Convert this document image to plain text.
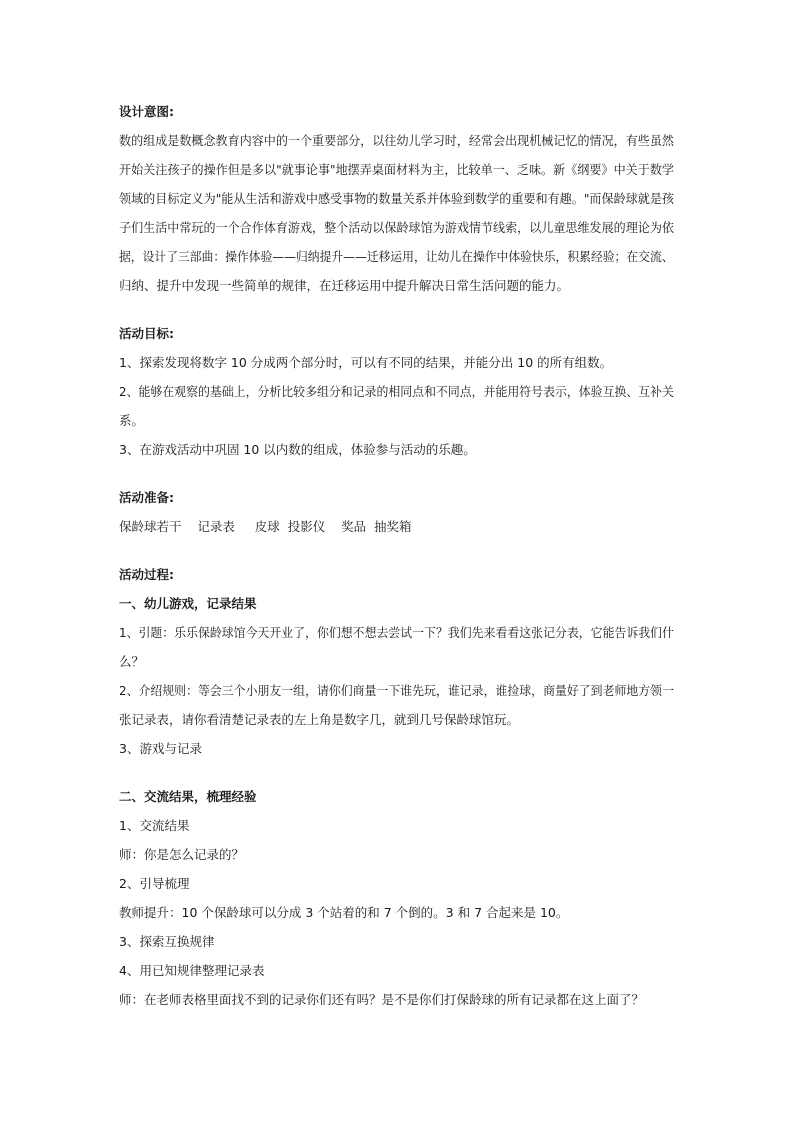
设计意图:
数的组成是数概念教育内容中的一个重要部分，以往幼儿学习时，经常会出现机械记忆的情况，有些虽然
开始关注孩子的操作但是多以"就事论事"地摆弄桌面材料为主，比较单一、乏味。新《纲要》中关于数学
领域的目标定义为"能从生活和游戏中感受事物的数量关系并体验到数学的重要和有趣。"而保龄球就是孩
子们生活中常玩的一个合作体育游戏，整个活动以保龄球馆为游戏情节线索，以儿童思维发展的理论为依
据，设计了三部曲：操作体验——归纳提升——迁移运用，让幼儿在操作中体验快乐，积累经验；在交流、
归纳、提升中发现一些简单的规律，在迁移运用中提升解决日常生活问题的能力。
活动目标:
1、探索发现将数字 10 分成两个部分时，可以有不同的结果，并能分出 10 的所有组数。
2、能够在观察的基础上，分析比较多组分和记录的相同点和不同点，并能用符号表示，体验互换、互补关
系。
3、在游戏活动中巩固 10 以内数的组成，体验参与活动的乐趣。
活动准备:
保龄球若干    记录表     皮球  投影仪    奖品  抽奖箱
活动过程:
一、幼儿游戏，记录结果
1、引题：乐乐保龄球馆今天开业了，你们想不想去尝试一下？我们先来看看这张记分表，它能告诉我们什
么？
2、介绍规则：等会三个小朋友一组，请你们商量一下谁先玩，谁记录，谁捡球，商量好了到老师地方领一
张记录表，请你看清楚记录表的左上角是数字几，就到几号保龄球馆玩。
3、游戏与记录
二、交流结果，梳理经验
1、交流结果
师：你是怎么记录的？
2、引导梳理
教师提升：10 个保龄球可以分成 3 个站着的和 7 个倒的。3 和 7 合起来是 10。
3、探索互换规律
4、用已知规律整理记录表
师：在老师表格里面找不到的记录你们还有吗？是不是你们打保龄球的所有记录都在这上面了？
